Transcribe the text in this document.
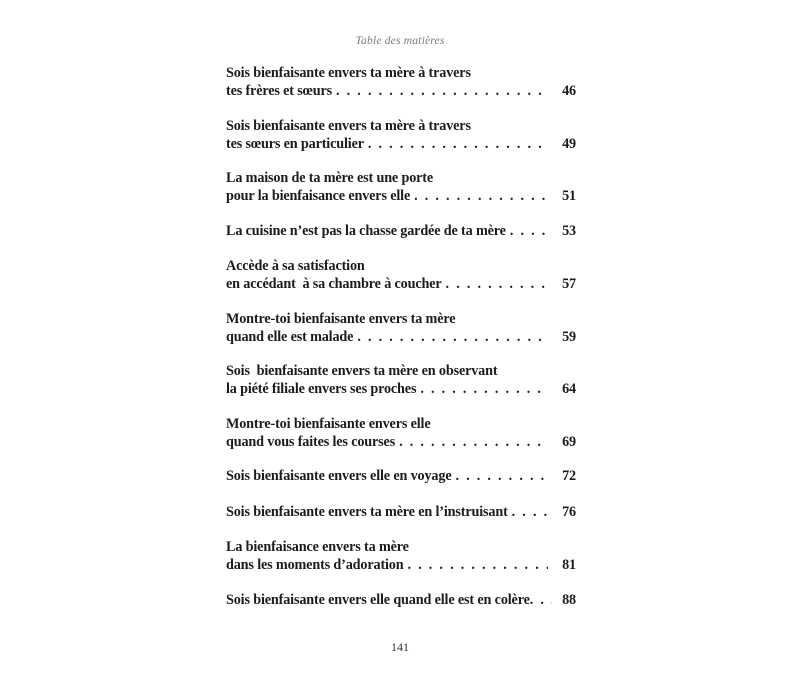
Table des matières
Sois bienfaisante envers ta mère à travers
tes frères et sœurs . .	46
Sois bienfaisante envers ta mère à travers
tes sœurs en particulier . .	49
La maison de ta mère est une porte
pour la bienfaisance envers elle . .	51
La cuisine n’est pas la chasse gardée de ta mère . .	53
Accède à sa satisfaction
en accédant  à sa chambre à coucher . .	57
Montre-toi bienfaisante envers ta mère
quand elle est malade . .	59
Sois  bienfaisante envers ta mère en observant
la piété filiale envers ses proches . .	64
Montre-toi bienfaisante envers elle
quand vous faites les courses . .	69
Sois bienfaisante envers elle en voyage . .	72
Sois bienfaisante envers ta mère en l’instruisant . .	76
La bienfaisance envers ta mère
dans les moments d’adoration . .	81
Sois bienfaisante envers elle quand elle est en colère . . 88
141
